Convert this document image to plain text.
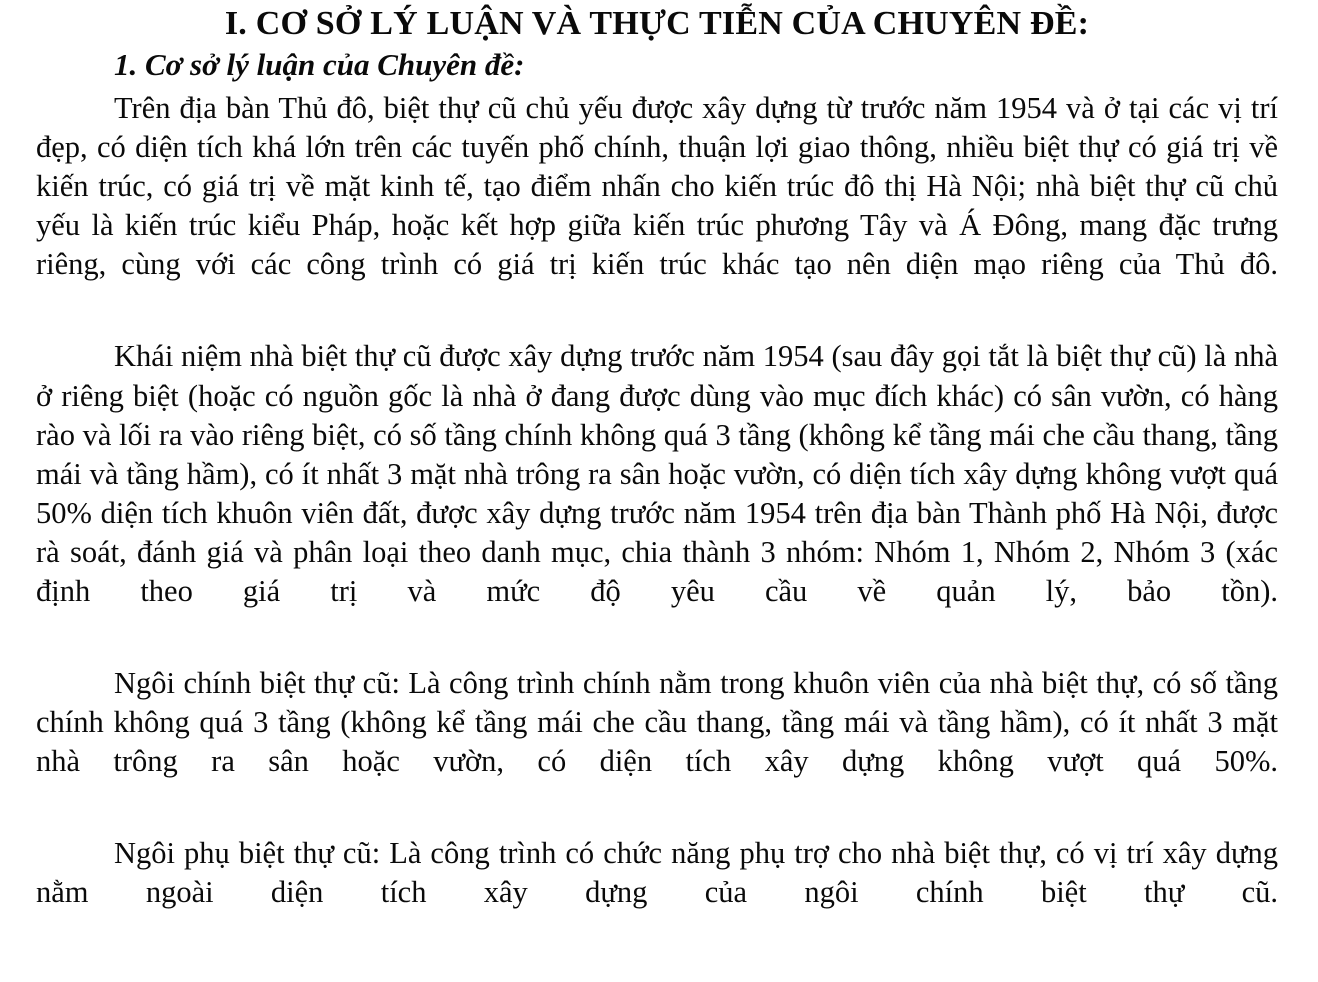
I. CƠ SỞ LÝ LUẬN VÀ THỰC TIỄN CỦA CHUYÊN ĐỀ:
1. Cơ sở lý luận của Chuyên đề:

Trên địa bàn Thủ đô, biệt thự cũ chủ yếu được xây dựng từ trước năm 1954 và ở tại các vị trí đẹp, có diện tích khá lớn trên các tuyến phố chính, thuận lợi giao thông, nhiều biệt thự có giá trị về kiến trúc, có giá trị về mặt kinh tế, tạo điểm nhấn cho kiến trúc đô thị Hà Nội; nhà biệt thự cũ chủ yếu là kiến trúc kiểu Pháp, hoặc kết hợp giữa kiến trúc phương Tây và Á Đông, mang đặc trưng riêng, cùng với các công trình có giá trị kiến trúc khác tạo nên diện mạo riêng của Thủ đô.

Khái niệm nhà biệt thự cũ được xây dựng trước năm 1954 (sau đây gọi tắt là biệt thự cũ) là nhà ở riêng biệt (hoặc có nguồn gốc là nhà ở đang được dùng vào mục đích khác) có sân vườn, có hàng rào và lối ra vào riêng biệt, có số tầng chính không quá 3 tầng (không kể tầng mái che cầu thang, tầng mái và tầng hầm), có ít nhất 3 mặt nhà trông ra sân hoặc vườn, có diện tích xây dựng không vượt quá 50% diện tích khuôn viên đất, được xây dựng trước năm 1954 trên địa bàn Thành phố Hà Nội, được rà soát, đánh giá và phân loại theo danh mục, chia thành 3 nhóm: Nhóm 1, Nhóm 2, Nhóm 3 (xác định theo giá trị và mức độ yêu cầu về quản lý, bảo tồn).

Ngôi chính biệt thự cũ: Là công trình chính nằm trong khuôn viên của nhà biệt thự, có số tầng chính không quá 3 tầng (không kể tầng mái che cầu thang, tầng mái và tầng hầm), có ít nhất 3 mặt nhà trông ra sân hoặc vườn, có diện tích xây dựng không vượt quá 50%.

Ngôi phụ biệt thự cũ: Là công trình có chức năng phụ trợ cho nhà biệt thự, có vị trí xây dựng nằm ngoài diện tích xây dựng của ngôi chính biệt thự cũ.
